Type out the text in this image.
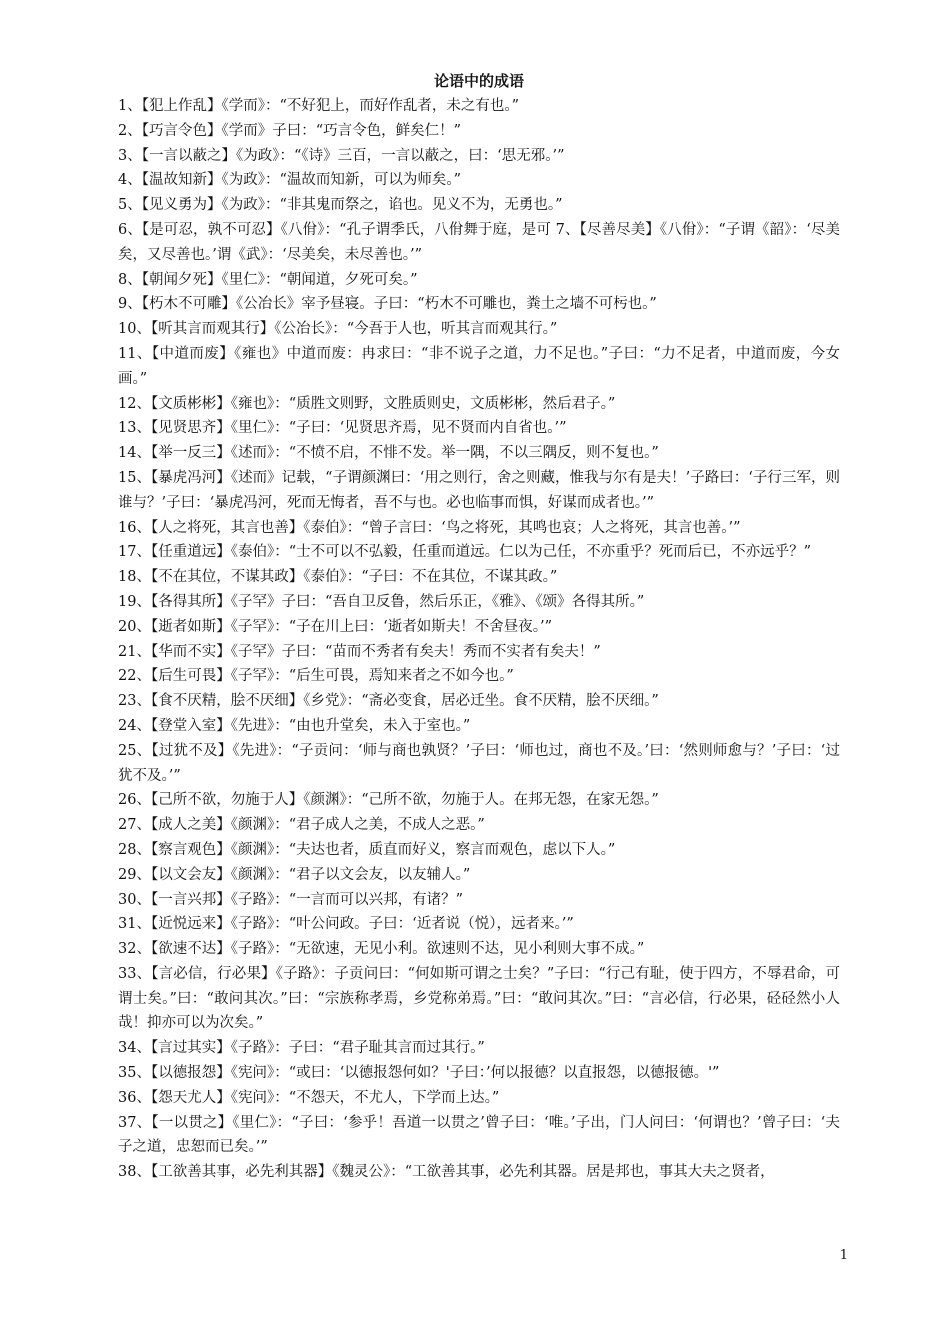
论语中的成语
1、【犯上作乱】《学而》：“不好犯上，而好作乱者，未之有也。”
2、【巧言令色】《学而》子曰：“巧言令色，鲜矣仁！”
3、【一言以蔽之】《为政》：“《诗》三百，一言以蔽之，曰：‘思无邪。’”
4、【温故知新】《为政》：“温故而知新，可以为师矣。”
5、【见义勇为】《为政》：“非其鬼而祭之，谄也。见义不为，无勇也。”
6、【是可忍，孰不可忍】《八佾》：“孔子谓季氏，八佾舞于庭，是可 7、【尽善尽美】《八佾》：“子谓《韶》：‘尽美矣，又尽善也。’谓《武》：‘尽美矣，未尽善也。’”
8、【朝闻夕死】《里仁》：“朝闻道，夕死可矣。”
9、【朽木不可雕】《公冶长》宰予昼寝。子曰：“朽木不可雕也，粪土之墙不可杇也。”
10、【听其言而观其行】《公冶长》：“今吾于人也，听其言而观其行。”
11、【中道而废】《雍也》中道而废：冉求曰：“非不说子之道，力不足也。”子曰：“力不足者，中道而废，今女画。”
12、【文质彬彬】《雍也》：“质胜文则野，文胜质则史，文质彬彬，然后君子。”
13、【见贤思齐】《里仁》：“子曰：‘见贤思齐焉，见不贤而内自省也。’”
14、【举一反三】《述而》：“不愤不启，不悱不发。举一隅，不以三隅反，则不复也。”
15、【暴虎冯河】《述而》记载，“子谓颜渊曰：‘用之则行，舍之则藏，惟我与尔有是夫！’子路曰：‘子行三军，则谁与？’子曰：‘暴虎冯河，死而无悔者，吾不与也。必也临事而惧，好谋而成者也。’”
16、【人之将死，其言也善】《泰伯》：“曾子言曰：‘鸟之将死，其鸣也哀；人之将死，其言也善。’”
17、【任重道远】《泰伯》：“士不可以不弘毅，任重而道远。仁以为己任，不亦重乎？死而后已，不亦远乎？”
18、【不在其位，不谋其政】《泰伯》：“子曰：不在其位，不谋其政。”
19、【各得其所】《子罕》子曰：“吾自卫反鲁，然后乐正，《雅》、《颂》各得其所。”
20、【逝者如斯】《子罕》：“子在川上曰：‘逝者如斯夫！不舍昼夜。’”
21、【华而不实】《子罕》子曰：“苗而不秀者有矣夫！秀而不实者有矣夫！”
22、【后生可畏】《子罕》：“后生可畏，焉知来者之不如今也。”
23、【食不厌精，脍不厌细】《乡党》：“斋必变食，居必迁坐。食不厌精，脍不厌细。”
24、【登堂入室】《先进》：“由也升堂矣，未入于室也。”
25、【过犹不及】《先进》：“子贡问：‘师与商也孰贤？’子曰：‘师也过，商也不及。’曰：‘然则师愈与？’子曰：‘过犹不及。’”
26、【己所不欲，勿施于人】《颜渊》：“己所不欲，勿施于人。在邦无怨，在家无怨。”
27、【成人之美】《颜渊》：“君子成人之美，不成人之恶。”
28、【察言观色】《颜渊》：“夫达也者，质直而好义，察言而观色，虑以下人。”
29、【以文会友】《颜渊》：“君子以文会友，以友辅人。”
30、【一言兴邦】《子路》：“一言而可以兴邦，有诸？”
31、【近悦远来】《子路》：“叶公问政。子曰：‘近者说（悦），远者来。’”
32、【欲速不达】《子路》：“无欲速，无见小利。欲速则不达，见小利则大事不成。”
33、【言必信，行必果】《子路》：子贡问曰：“何如斯可谓之士矣？”子曰：“行己有耻，使于四方，不辱君命，可谓士矣。”曰：“敢问其次。”曰：“宗族称孝焉，乡党称弟焉。”曰：“敢问其次。”曰：“言必信，行必果，硁硁然小人哉！抑亦可以为次矣。”
34、【言过其实】《子路》：子曰：“君子耻其言而过其行。”
35、【以德报怨】《宪问》：“或曰：‘以德报怨何如？'子曰：’何以报德？以直报怨，以德报德。'”
36、【怨天尤人】《宪问》：“不怨天，不尤人，下学而上达。”
37、【一以贯之】《里仁》：“子曰：‘参乎！吾道一以贯之’曾子曰：‘唯。’子出，门人问曰：‘何谓也？’曾子曰：‘夫子之道，忠恕而已矣。’”
38、【工欲善其事，必先利其器】《魏灵公》：“工欲善其事，必先利其器。居是邦也，事其大夫之贤者，
1
